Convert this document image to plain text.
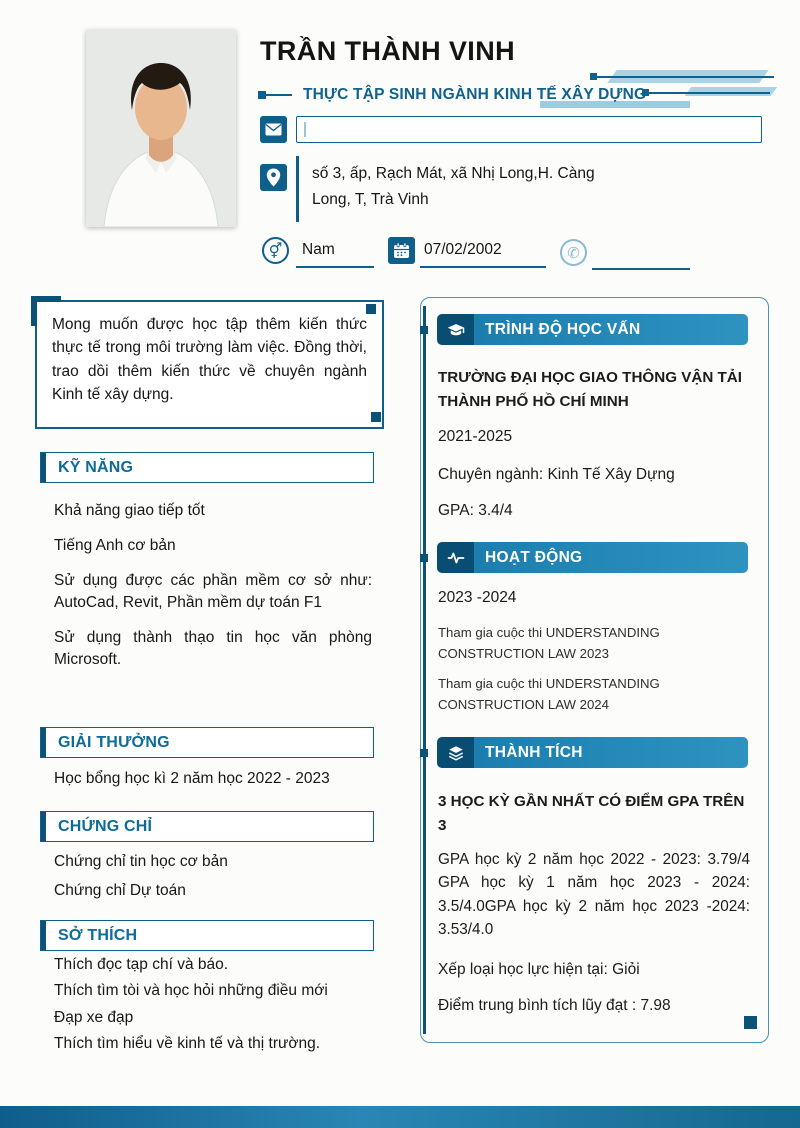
TRẦN THÀNH VINH
THỰC TẬP SINH NGÀNH KINH TẾ XÂY DỰNG
số 3, ấp, Rạch Mát, xã Nhị Long,H. Càng Long, T, Trà Vinh
⚥	Nam	07/02/2002	✆
Mong muốn được học tập thêm kiến thức thực tế trong môi trường làm việc. Đồng thời, trao dồi thêm kiến thức về chuyên ngành Kinh tế xây dựng.
KỸ NĂNG
Khả năng giao tiếp tốt
Tiếng Anh cơ bản
Sử dụng được các phần mềm cơ sở như: AutoCad, Revit, Phần mềm dự toán F1
Sử dụng thành thạo tin học văn phòng Microsoft.
GIẢI THƯỞNG
Học bổng học kì 2 năm học 2022 - 2023
CHỨNG CHỈ
Chứng chỉ tin học cơ bản
Chứng chỉ Dự toán
SỞ THÍCH
Thích đọc tạp chí và báo.
Thích tìm tòi và học hỏi những điều mới
Đạp xe đạp
Thích tìm hiểu về kinh tế và thị trường.
TRÌNH ĐỘ HỌC VẤN
TRƯỜNG ĐẠI HỌC GIAO THÔNG VẬN TẢI THÀNH PHỐ HỒ CHÍ MINH
2021-2025
Chuyên ngành: Kinh Tế Xây Dựng
GPA: 3.4/4
HOẠT ĐỘNG
2023 -2024
Tham gia cuộc thi UNDERSTANDING CONSTRUCTION LAW 2023
Tham gia cuộc thi UNDERSTANDING CONSTRUCTION LAW 2024
THÀNH TÍCH
3 HỌC KỲ GẦN NHẤT CÓ ĐIỂM GPA TRÊN 3
GPA học kỳ 2 năm học 2022 - 2023: 3.79/4 GPA học kỳ 1 năm học 2023 - 2024: 3.5/4.0GPA học kỳ 2 năm học 2023 -2024: 3.53/4.0
Xếp loại học lực hiện tại: Giỏi
Điểm trung bình tích lũy đạt : 7.98
